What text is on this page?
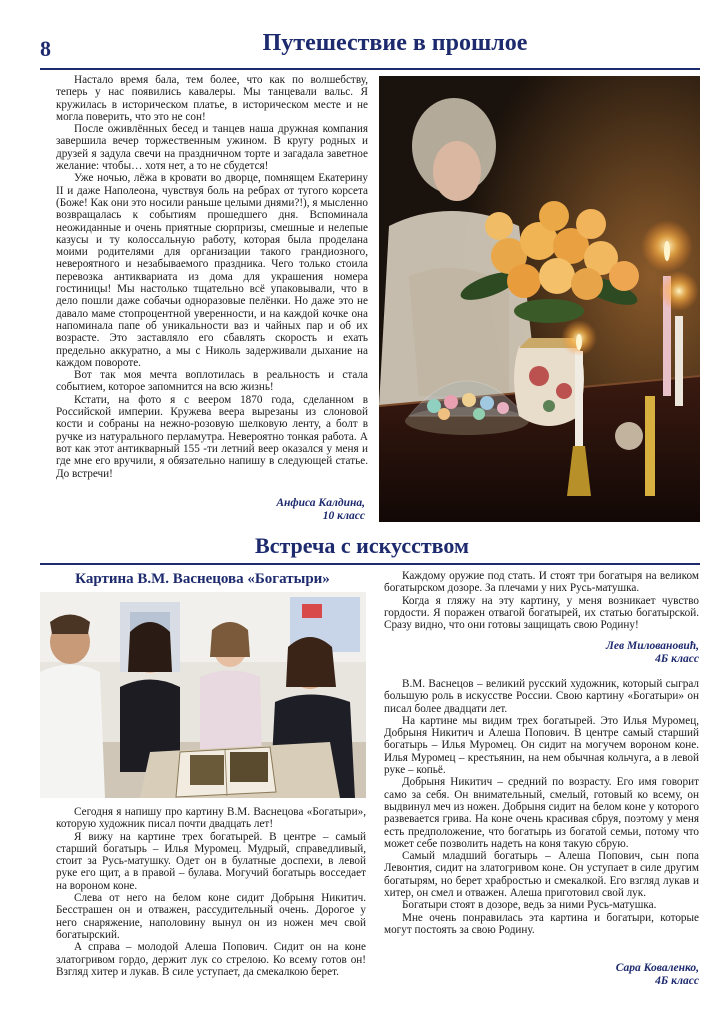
8	Путешествие в прошлое

Настало время бала, тем более, что как по волшебству, теперь у нас появились кавалеры. Мы танцевали вальс. Я кружилась в историческом платье, в историческом месте и не могла поверить, что это не сон!

После оживлённых бесед и танцев наша дружная компания завершила вечер торжественным ужином. В кругу родных и друзей я задула свечи на праздничном торте и загадала заветное желание: чтобы… хотя нет, а то не сбудется!

Уже ночью, лёжа в кровати во дворце, помнящем Екатерину II и даже Наполеона, чувствуя боль на ребрах от тугого корсета (Боже! Как они это носили раньше целыми днями?!), я мысленно возвращалась к событиям прошедшего дня. Вспоминала неожиданные и очень приятные сюрпризы, смешные и нелепые казусы и ту колоссальную работу, которая была проделана моими родителями для организации такого грандиозного, невероятного и незабываемого праздника. Чего только стоила перевозка антиквариата из дома для украшения номера гостиницы! Мы настолько тщательно всё упаковывали, что в дело пошли даже собачьи одноразовые пелёнки. Но даже это не давало маме стопроцентной уверенности, и на каждой кочке она напоминала папе об уникальности ваз и чайных пар и об их возрасте. Это заставляло его сбавлять скорость и ехать предельно аккуратно, а мы с Николь задерживали дыхание на каждом повороте.

Вот так моя мечта воплотилась в реальность и стала событием, которое запомнится на всю жизнь!

Кстати, на фото я с веером 1870 года, сделанном в Российской империи. Кружева веера вырезаны из слоновой кости и собраны на нежно-розовую шелковую ленту, а болт в ручке из натурального перламутра. Невероятно тонкая работа. А вот как этот антикварный 155 -ти летний веер оказался у меня и где мне его вручили, я обязательно напишу в следующей статье. До встречи!

Анфиса Калдина,
10 класс
Встреча с искусством
Картина В.М. Васнецова «Богатыри»

Сегодня я напишу про картину В.М. Васнецова «Богатыри», которую художник писал почти двадцать лет!

Я вижу на картине трех богатырей. В центре – самый старший богатырь – Илья Муромец. Мудрый, справедливый, стоит за Русь-матушку. Одет он в булатные доспехи, в левой руке его щит, а в правой – булава. Могучий богатырь восседает на вороном коне.

Слева от него на белом коне сидит Добрыня Никитич. Бесстрашен он и отважен, рассудительный очень. Дорогое у него снаряжение, наполовину вынул он из ножен меч свой богатырский.

А справа – молодой Алеша Попович. Сидит он на коне златогривом гордо, держит лук со стрелою. Ко всему готов он! Взгляд хитер и лукав. В силе уступает, да смекалкою берет.

Каждому оружие под стать. И стоят три богатыря на великом богатырском дозоре. За плечами у них Русь-матушка.

Когда я гляжу на эту картину, у меня возникает чувство гордости. Я поражен отвагой богатырей, их статью богатырской. Сразу видно, что они готовы защищать свою Родину!

Лев Миловановић,
4Б класс

В.М. Васнецов – великий русский художник, который сыграл большую роль в искусстве России. Свою картину «Богатыри» он писал более двадцати лет.

На картине мы видим трех богатырей. Это Илья Муромец, Добрыня Никитич и Алеша Попович. В центре самый старший богатырь – Илья Муромец. Он сидит на могучем вороном коне. Илья Муромец – крестьянин, на нем обычная кольчуга, а в левой руке – копьё.

Добрыня Никитич – средний по возрасту. Его имя говорит само за себя. Он внимательный, смелый, готовый ко всему, он выдвинул меч из ножен. Добрыня сидит на белом коне у которого развевается грива. На коне очень красивая сбруя, поэтому у меня есть предположение, что богатырь из богатой семьи, потому что может себе позволить надеть на коня такую сбрую.

Самый младший богатырь – Алеша Попович, сын попа Левонтия, сидит на златогривом коне. Он уступает в силе другим богатырям, но берет храбростью и смекалкой. Его взгляд лукав и хитер, он смел и отважен. Алеша приготовил свой лук.

Богатыри стоят в дозоре, ведь за ними Русь-матушка.

Мне очень понравилась эта картина и богатыри, которые могут постоять за свою Родину.

Сара Коваленко,
4Б класс
